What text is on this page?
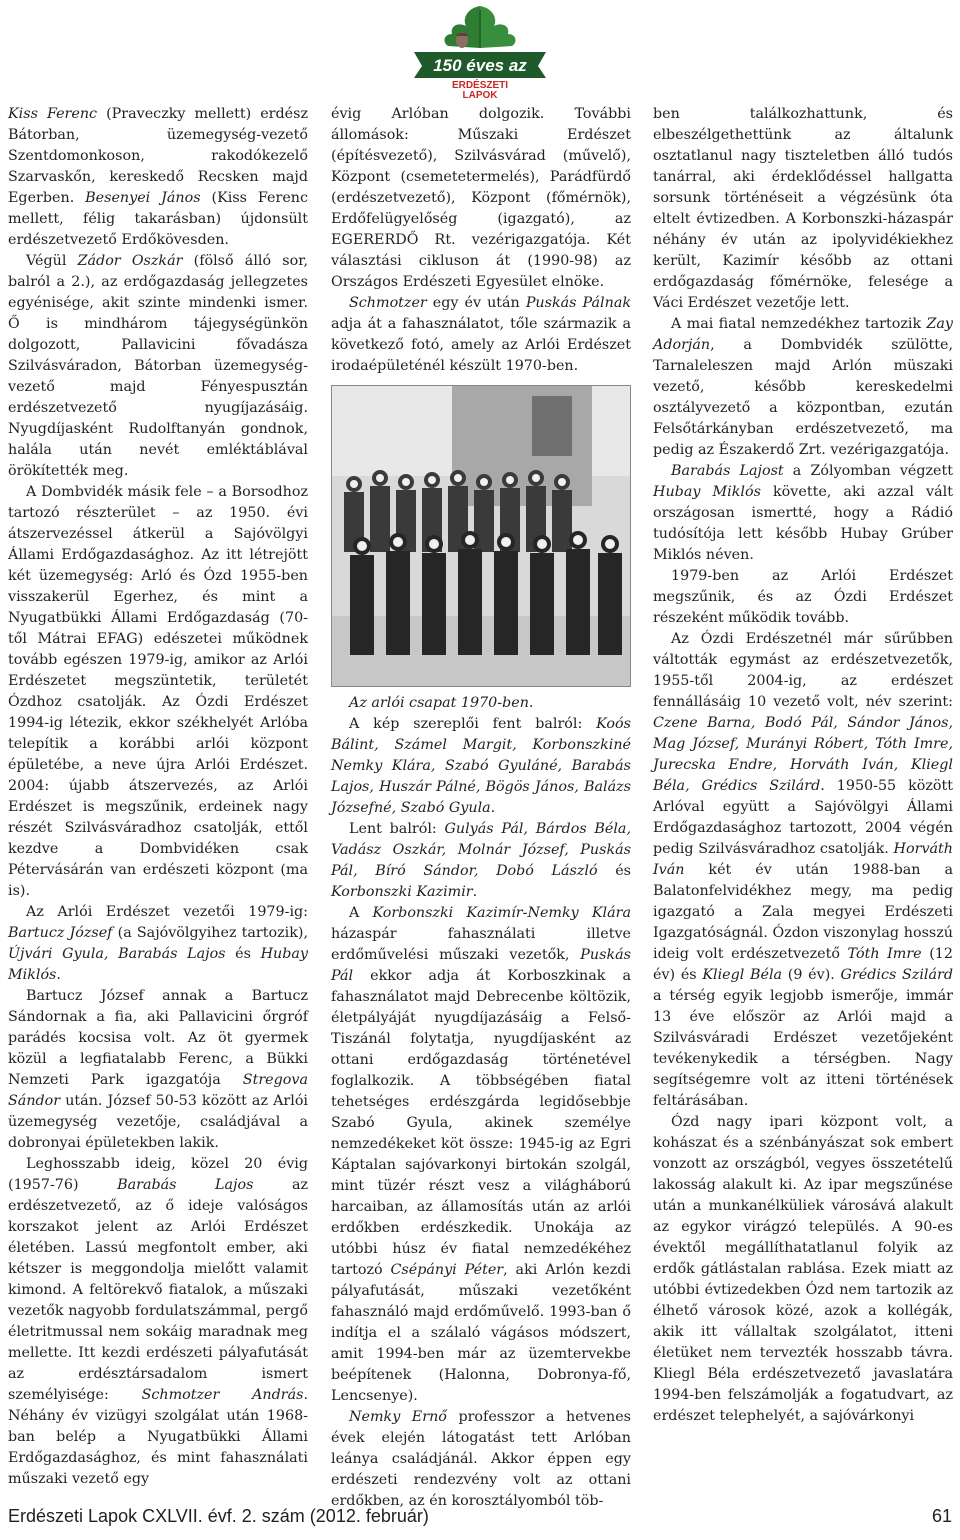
150 éves az
ERDÉSZETI
LAPOK

Kiss Ferenc (Praveczky mellett) erdész Bátorban, üzemegység-vezető Szentdomonkoson, rakodókezelő Szarvaskőn, kereskedő Recsken majd Egerben. Besenyei János (Kiss Ferenc mellett, félig takarásban) újdonsült erdészetvezető Erdőkövesden.

Végül Zádor Oszkár (fölső álló sor, balról a 2.), az erdőgazdaság jellegzetes egyénisége, akit szinte mindenki ismer. Ő is mindhárom tájegységünkön dolgozott, Pallavicini fővadásza Szilvásváradon, Bátorban üzemegység-vezető majd Fényespusztán erdészetvezető nyugíjazásáig. Nyugdíjasként Rudolftanyán gondnok, halála után nevét emléktáblával örökítették meg.

A Dombvidék másik fele – a Borsodhoz tartozó részterület – az 1950. évi átszervezéssel átkerül a Sajóvölgyi Állami Erdőgazdasághoz. Az itt létrejött két üzemegység: Arló és Ózd 1955-ben visszakerül Egerhez, és mint a Nyugatbükki Állami Erdőgazdaság (70-től Mátrai EFAG) edészetei működnek tovább egészen 1979-ig, amikor az Arlói Erdészetet megszüntetik, területét Ózdhoz csatolják. Az Ózdi Erdészet 1994-ig létezik, ekkor székhelyét Arlóba telepítik a korábbi arlói központ épületébe, a neve újra Arlói Erdészet. 2004: újabb átszervezés, az Arlói Erdészet is megszűnik, erdeinek nagy részét Szilvásváradhoz csatolják, ettől kezdve a Dombvidéken csak Pétervásárán van erdészeti központ (ma is).

Az Arlói Erdészet vezetői 1979-ig: Bartucz József (a Sajóvölgyihez tartozik), Újvári Gyula, Barabás Lajos és Hubay Miklós.

Bartucz József annak a Bartucz Sándornak a fia, aki Pallavicini őrgróf parádés kocsisa volt. Az öt gyermek közül a legfiatalabb Ferenc, a Bükki Nemzeti Park igazgatója Stregova Sándor után. József 50-53 között az Arlói üzemegység vezetője, családjával a dobronyai épületekben lakik.

Leghosszabb ideig, közel 20 évig (1957-76) Barabás Lajos az erdészetvezető, az ő ideje valóságos korszakot jelent az Arlói Erdészet életében. Lassú megfontolt ember, aki kétszer is meggondolja mielőtt valamit kimond. A feltörekvő fiatalok, a műszaki vezetők nagyobb fordulatszámmal, pergő életritmussal nem sokáig maradnak meg mellette. Itt kezdi erdészeti pályafutását az erdésztársadalom ismert személyisége: Schmotzer András. Néhány év vizügyi szolgálat után 1968-ban belép a Nyugatbükki Állami Erdőgazdasághoz, és mint fahasználati műszaki vezető egy

évig Arlóban dolgozik. További állomások: Műszaki Erdészet (építésvezető), Szilvásvárad (művelő), Központ (csemetetermelés), Parádfürdő (erdészetvezető), Központ (főmérnök), Erdőfelügyelőség (igazgató), az EGERERDŐ Rt. vezérigazgatója. Két választási cikluson át (1990-98) az Országos Erdészeti Egyesület elnöke.

Schmotzer egy év után Puskás Pálnak adja át a fahasználatot, tőle származik a következő fotó, amely az Arlói Erdészet irodaépületénél készült 1970-ben.

Az arlói csapat 1970-ben.

A kép szereplői fent balról: Koós Bálint, Számel Margit, Korbonszkiné Nemky Klára, Szabó Gyuláné, Barabás Lajos, Huszár Pálné, Bögös János, Balázs Józsefné, Szabó Gyula.

Lent balról: Gulyás Pál, Bárdos Béla, Vadász Oszkár, Molnár József, Puskás Pál, Bíró Sándor, Dobó László és Korbonszki Kazimir.

A Korbonszki Kazimír-Nemky Klára házaspár fahasználati illetve erdőművelési műszaki vezetők, Puskás Pál ekkor adja át Korboszkinak a fahasználatot majd Debrecenbe költözik, életpályáját nyugdíjazásáig a Felső-Tiszánál folytatja, nyugdíjasként az ottani erdőgazdaság történetével foglalkozik. A többségében fiatal tehetséges erdészgárda legidősebbje Szabó Gyula, akinek személye nemzedékeket köt össze: 1945-ig az Egri Káptalan sajóvarkonyi birtokán szolgál, mint tüzér részt vesz a világháború harcaiban, az államosítás után az arlói erdőkben erdészkedik. Unokája az utóbbi húsz év fiatal nemzedékéhez tartozó Csépányi Péter, aki Arlón kezdi pályafutását, műszaki vezetőként fahasználó majd erdőművelő. 1993-ban ő indítja el a szálaló vágásos módszert, amit 1994-ben már az üzemtervekbe beépítenek (Halonna, Dobronya-fő, Lencsenye).

Nemky Ernő professzor a hetvenes évek elején látogatást tett Arlóban leánya családjánál. Akkor éppen egy erdészeti rendezvény volt az ottani erdőkben, az én korosztályomból töb-

ben találkozhattunk, és elbeszélgethettünk az általunk osztatlanul nagy tiszteletben álló tudós tanárral, aki érdeklődéssel hallgatta sorsunk történéseit a végzésünk óta eltelt évtizedben. A Korbonszki-házaspár néhány év után az ipolyvidékiekhez került, Kazimír később az ottani erdőgazdaság főmérnöke, felesége a Váci Erdészet vezetője lett.

A mai fiatal nemzedékhez tartozik Zay Adorján, a Dombvidék szülötte, Tarnaleleszen majd Arlón müszaki vezető, később kereskedelmi osztályvezető a központban, ezután Felsőtárkányban erdészetvezető, ma pedig az Északerdő Zrt. vezérigazgatója.

Barabás Lajost a Zólyomban végzett Hubay Miklós követte, aki azzal vált országosan ismertté, hogy a Rádió tudósítója lett később Hubay Grúber Miklós néven.

1979-ben az Arlói Erdészet megszűnik, és az Ózdi Erdészet részeként működik tovább.

Az Ózdi Erdészetnél már sűrűbben váltották egymást az erdészetvezetők, 1955-től 2004-ig, az erdészet fennállásáig 10 vezető volt, név szerint: Czene Barna, Bodó Pál, Sándor János, Mag József, Murányi Róbert, Tóth Imre, Jurecska Endre, Horváth Iván, Kliegl Béla, Grédics Szilárd. 1950-55 között Arlóval együtt a Sajóvölgyi Állami Erdőgazdasághoz tartozott, 2004 végén pedig Szilvásváradhoz csatolják. Horváth Iván két év után 1988-ban a Balatonfelvidékhez megy, ma pedig igazgató a Zala megyei Erdészeti Igazgatóságnál. Ózdon viszonylag hosszú ideig volt erdészetvezető Tóth Imre (12 év) és Kliegl Béla (9 év). Grédics Szilárd a térség egyik legjobb ismerője, immár 13 éve először az Arlói majd a Szilvásváradi Erdészet vezetőjeként tevékenykedik a térségben. Nagy segítségemre volt az itteni történések feltárásában.

Ózd nagy ipari központ volt, a kohászat és a szénbányászat sok embert vonzott az országból, vegyes összetételű lakosság alakult ki. Az ipar megszűnése után a munkanélküliek városává alakult az egykor virágzó település. A 90-es évektől megállíthatatlanul folyik az erdők gátlástalan rablása. Ezek miatt az utóbbi évtizedekben Ózd nem tartozik az élhető városok közé, azok a kollégák, akik itt vállaltak szolgálatot, itteni életüket nem tervezték hosszabb távra. Kliegl Béla erdészetvezető javaslatára 1994-ben felszámolják a fogatudvart, az erdészet telephelyét, a sajóvárkonyi

Erdészeti Lapok CXLVII. évf. 2. szám (2012. február)	61
